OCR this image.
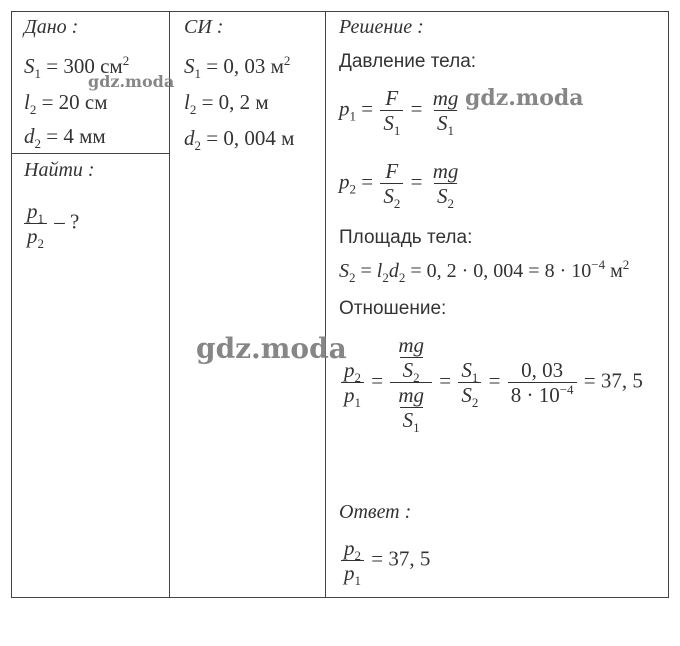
Дано :
$S_1 = 300$ $см^2$
$l_2 = 20$ см
$d_2 = 4$ мм
Найти :
$\frac{p_1}{p_2}$ – ?
СИ :
$S_1 = 0$, 03 $м^2$
$l_2 = 0$, 2 м
$d_2 = 0$, 004 м
Решение :
Давление тела:
$p_1 = \frac{F}{S_1} = \frac{mg}{S_1}$
$p_2 = \frac{F}{S_2} = \frac{mg}{S_2}$
Площадь тела:
$S_2 = l_2d_2 = 0$, 2 · 0, $004 = 8 \cdot 10^{-4}$ $м^2$
Отношение:
$\frac{p_2}{p_1} = \frac{\frac{mg}{S_2}}{\frac{mg}{S_1}} = \frac{S_1}{S_2} = \frac{0, 03}{8 \cdot 10^{-4}} = 37$, 5
Ответ :
$\frac{p_2}{p_1} = 37$, 5
gdz.moda
gdz.moda
gdz.moda
